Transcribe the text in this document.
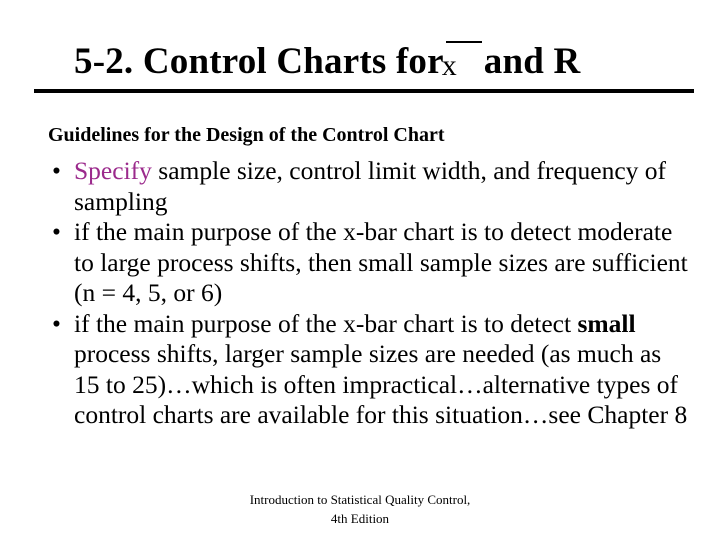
5-2. Control Charts for
x and R
Guidelines for the Design of the Control Chart
• Specify sample size, control limit width, and frequency of sampling
• if the main purpose of the x-bar chart is to detect moderate to large process shifts, then small sample sizes are sufficient (n = 4, 5, or 6)
• if the main purpose of the x-bar chart is to detect small process shifts, larger sample sizes are needed (as much as 15 to 25)…which is often impractical…alternative types of control charts are available for this situation…see Chapter 8
Introduction to Statistical Quality Control,
4th Edition
